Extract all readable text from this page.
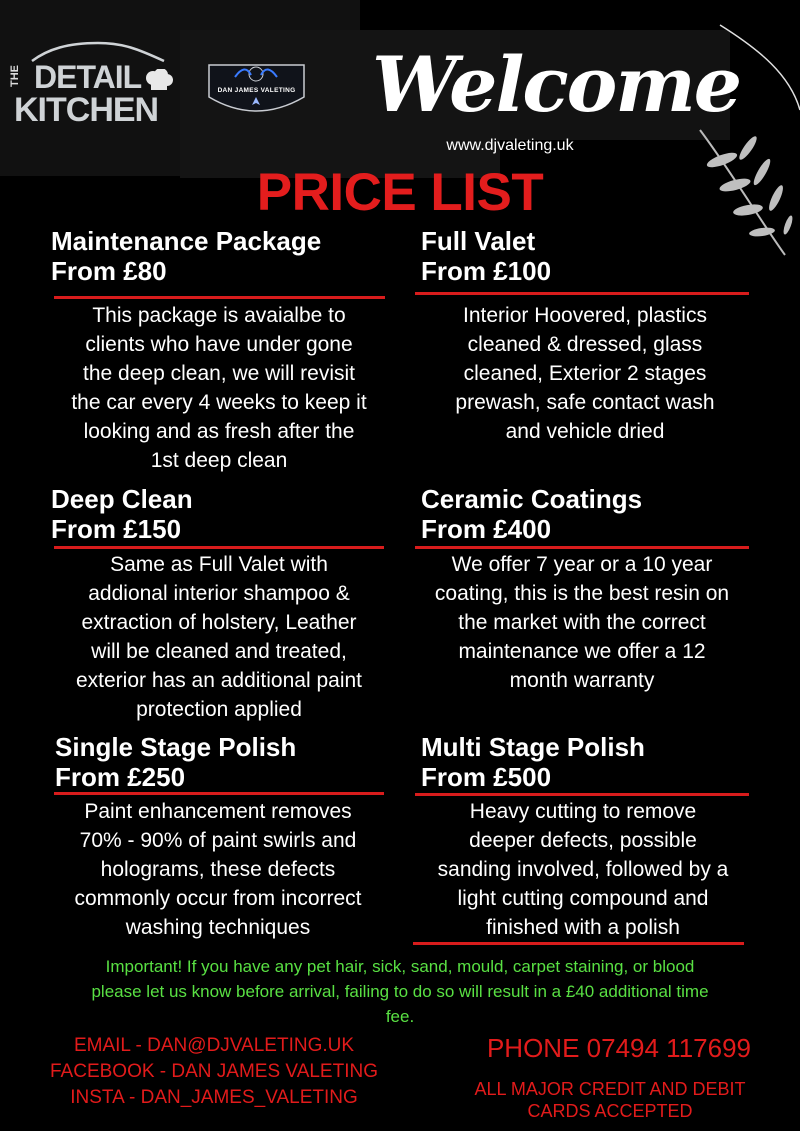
THE DETAIL
KITCHEN
DAN JAMES VALETING Welcome
www.djvaleting.uk
PRICE LIST
Maintenance Package
From £80
This package is avaialbe to
clients who have under gone
the deep clean, we will revisit
the car every 4 weeks to keep it
looking and as fresh after the
1st deep clean
Full Valet
From £100
Interior Hoovered, plastics
cleaned & dressed, glass
cleaned, Exterior 2 stages
prewash, safe contact wash
and vehicle dried
Deep Clean
From £150
Same as Full Valet with
addional interior shampoo &
extraction of holstery, Leather
will be cleaned and treated,
exterior has an additional paint
protection applied
Ceramic Coatings
From £400
We offer 7 year or a 10 year
coating, this is the best resin on
the market with the correct
maintenance we offer a 12
month warranty
Single Stage Polish
From £250
Paint enhancement removes
70% - 90% of paint swirls and
holograms, these defects
commonly occur from incorrect
washing techniques
Multi Stage Polish
From £500
Heavy cutting to remove
deeper defects, possible
sanding involved, followed by a
light cutting compound and
finished with a polish
Important! If you have any pet hair, sick, sand, mould, carpet staining, or blood
please let us know before arrival, failing to do so will result in a £40 additional time
fee.
EMAIL - DAN@DJVALETING.UK
FACEBOOK - DAN JAMES VALETING
INSTA - DAN_JAMES_VALETING
PHONE 07494 117699
ALL MAJOR CREDIT AND DEBIT
CARDS ACCEPTED
